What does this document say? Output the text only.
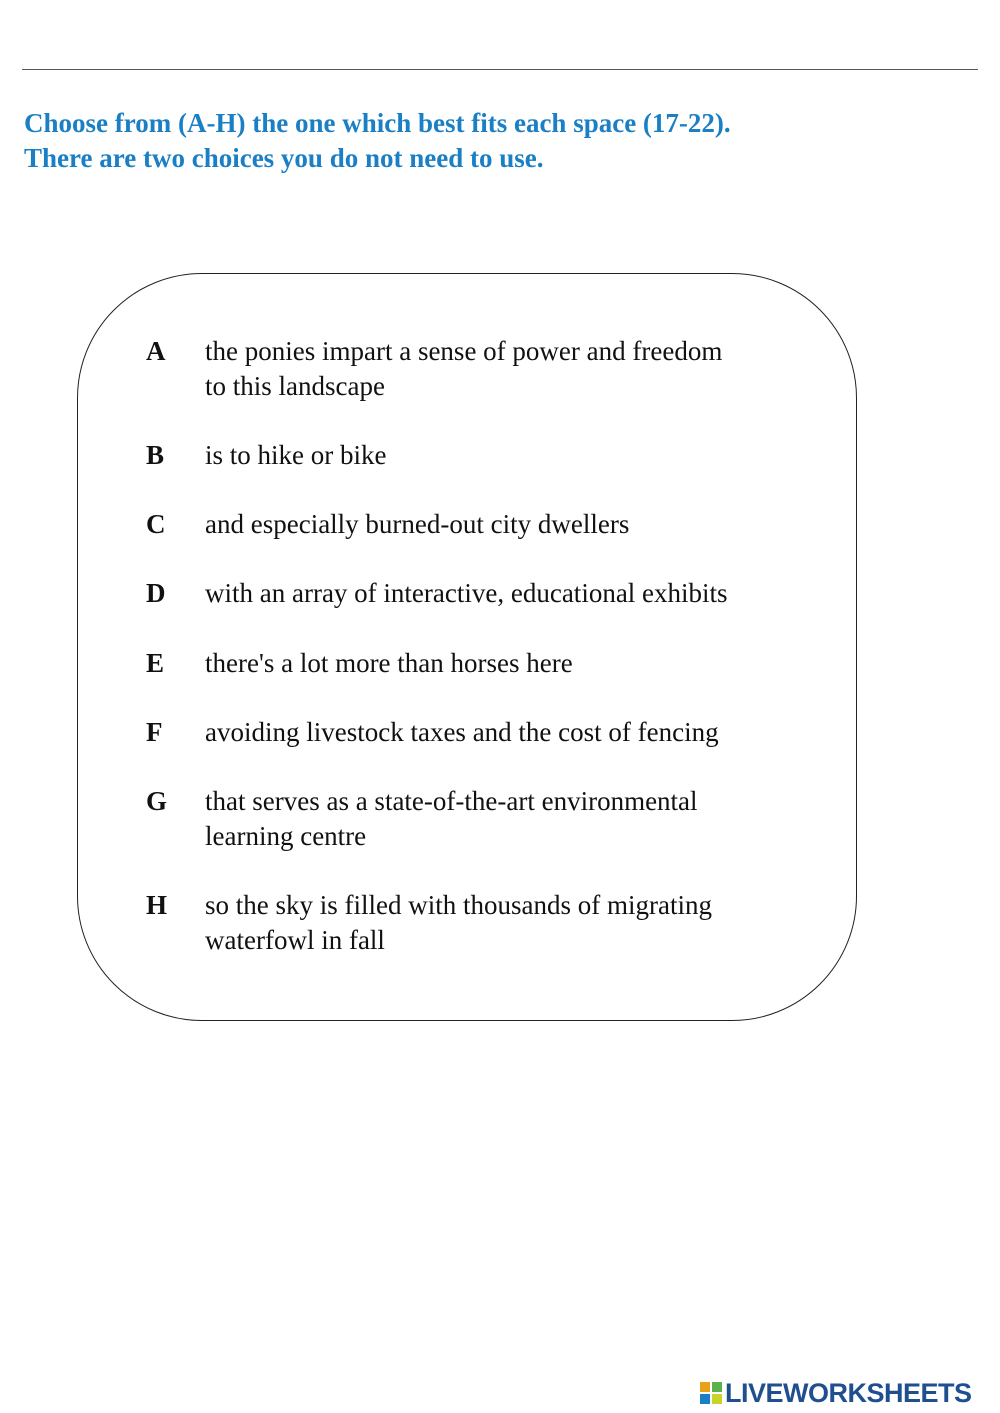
Choose from (A-H) the one which best fits each space (17-22).
There are two choices you do not need to use.
A the ponies impart a sense of power and freedom
to this landscape
B is to hike or bike
C and especially burned-out city dwellers
D with an array of interactive, educational exhibits
E there's a lot more than horses here
F avoiding livestock taxes and the cost of fencing
G that serves as a state-of-the-art environmental
learning centre
H so the sky is filled with thousands of migrating
waterfowl in fall
LIVEWORKSHEETS
